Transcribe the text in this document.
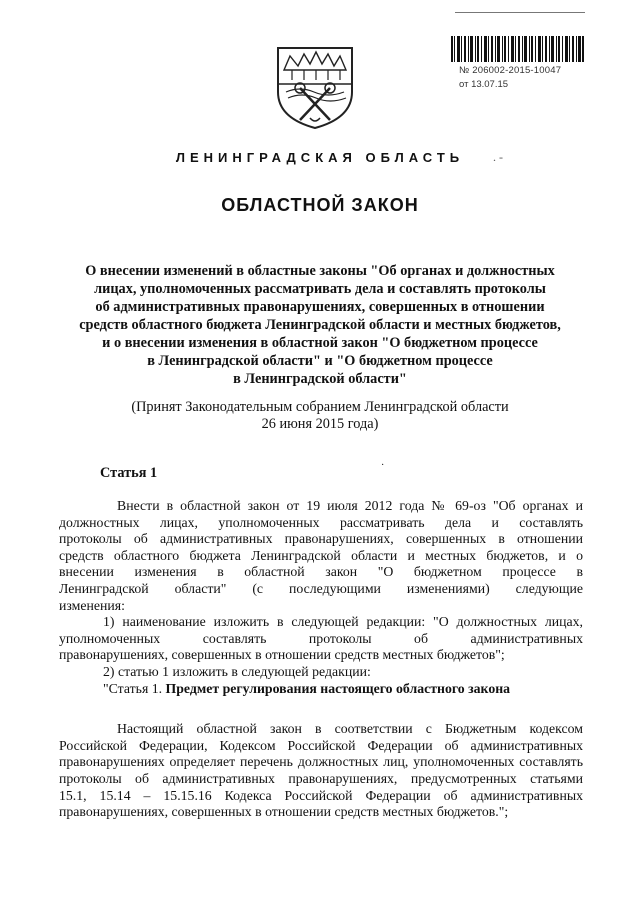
№ 206002-2015-10047
от 13.07.15
ЛЕНИНГРАДСКАЯ ОБЛАСТЬ	. -
ОБЛАСТНОЙ ЗАКОН
О внесении изменений в областные законы "Об органах и должностных
лицах, уполномоченных рассматривать дела и составлять протоколы
об административных правонарушениях, совершенных в отношении
средств областного бюджета Ленинградской области и местных бюджетов,
и о внесении изменения в областной закон "О бюджетном процессе
в Ленинградской области" и "О бюджетном процессе
в Ленинградской области"
(Принят Законодательным собранием Ленинградской области
26 июня 2015 года)
·
Статья 1
Внести в областной закон от 19 июля 2012 года № 69-оз "Об органах и
должностных лицах, уполномоченных рассматривать дела и составлять
протоколы об административных правонарушениях, совершенных в отношении
средств областного бюджета Ленинградской области и местных бюджетов, и о
внесении изменения в областной закон "О бюджетном процессе в
Ленинградской области" (с последующими изменениями) следующие
изменения:
1) наименование изложить в следующей редакции: "О должностных лицах,
уполномоченных составлять протоколы об административных
правонарушениях, совершенных в отношении средств местных бюджетов";
2) статью 1 изложить в следующей редакции:
"Статья 1. Предмет регулирования настоящего областного закона
Настоящий областной закон в соответствии с Бюджетным кодексом
Российской Федерации, Кодексом Российской Федерации об административных
правонарушениях определяет перечень должностных лиц, уполномоченных составлять
протоколы об административных правонарушениях, предусмотренных статьями
15.1, 15.14 – 15.15.16 Кодекса Российской Федерации об административных
правонарушениях, совершенных в отношении средств местных бюджетов.";
